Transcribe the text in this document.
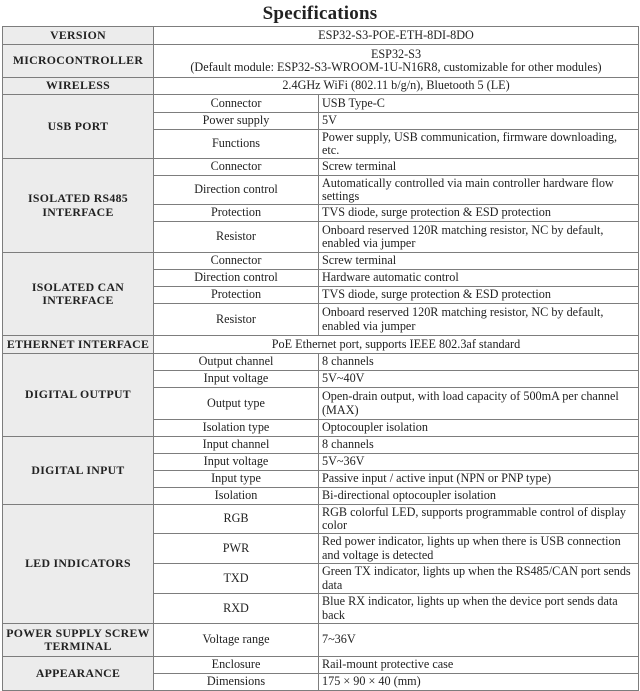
Specifications
VERSION	ESP32-S3-POE-ETH-8DI-8DO	
MICROCONTROLLER	ESP32-S3
(Default module: ESP32-S3-WROOM-1U-N16R8, customizable for other modules)	

WIRELESS	2.4GHz WiFi (802.11 b/g/n), Bluetooth 5 (LE)	
USB PORT	Connector	USB Type-C
	Power supply	5V
	Functions	Power supply, USB communication, firmware downloading, etc.
ISOLATED RS485 INTERFACE	Connector	Screw terminal
	Direction control	Automatically controlled via main controller hardware flow settings
	Protection	TVS diode, surge protection & ESD protection
	Resistor	Onboard reserved 120R matching resistor, NC by default, enabled via jumper
ISOLATED CAN INTERFACE	Connector	Screw terminal
	Direction control	Hardware automatic control
	Protection	TVS diode, surge protection & ESD protection
	Resistor	Onboard reserved 120R matching resistor, NC by default, enabled via jumper
ETHERNET INTERFACE	PoE Ethernet port, supports IEEE 802.3af standard	
DIGITAL OUTPUT	Output channel	8 channels
	Input voltage	5V~40V
	Output type	Open-drain output, with load capacity of 500mA per channel (MAX)
	Isolation type	Optocoupler isolation
DIGITAL INPUT	Input channel	8 channels
	Input voltage	5V~36V
	Input type	Passive input / active input (NPN or PNP type)
	Isolation	Bi-directional optocoupler isolation
LED INDICATORS	RGB	RGB colorful LED, supports programmable control of display color
	PWR	Red power indicator, lights up when there is USB connection and voltage is detected
	TXD	Green TX indicator, lights up when the RS485/CAN port sends data
	RXD	Blue RX indicator, lights up when the device port sends data back
POWER SUPPLY SCREW TERMINAL	Voltage range	7~36V
APPEARANCE	Enclosure	Rail-mount protective case
	Dimensions	175 × 90 × 40 (mm)
